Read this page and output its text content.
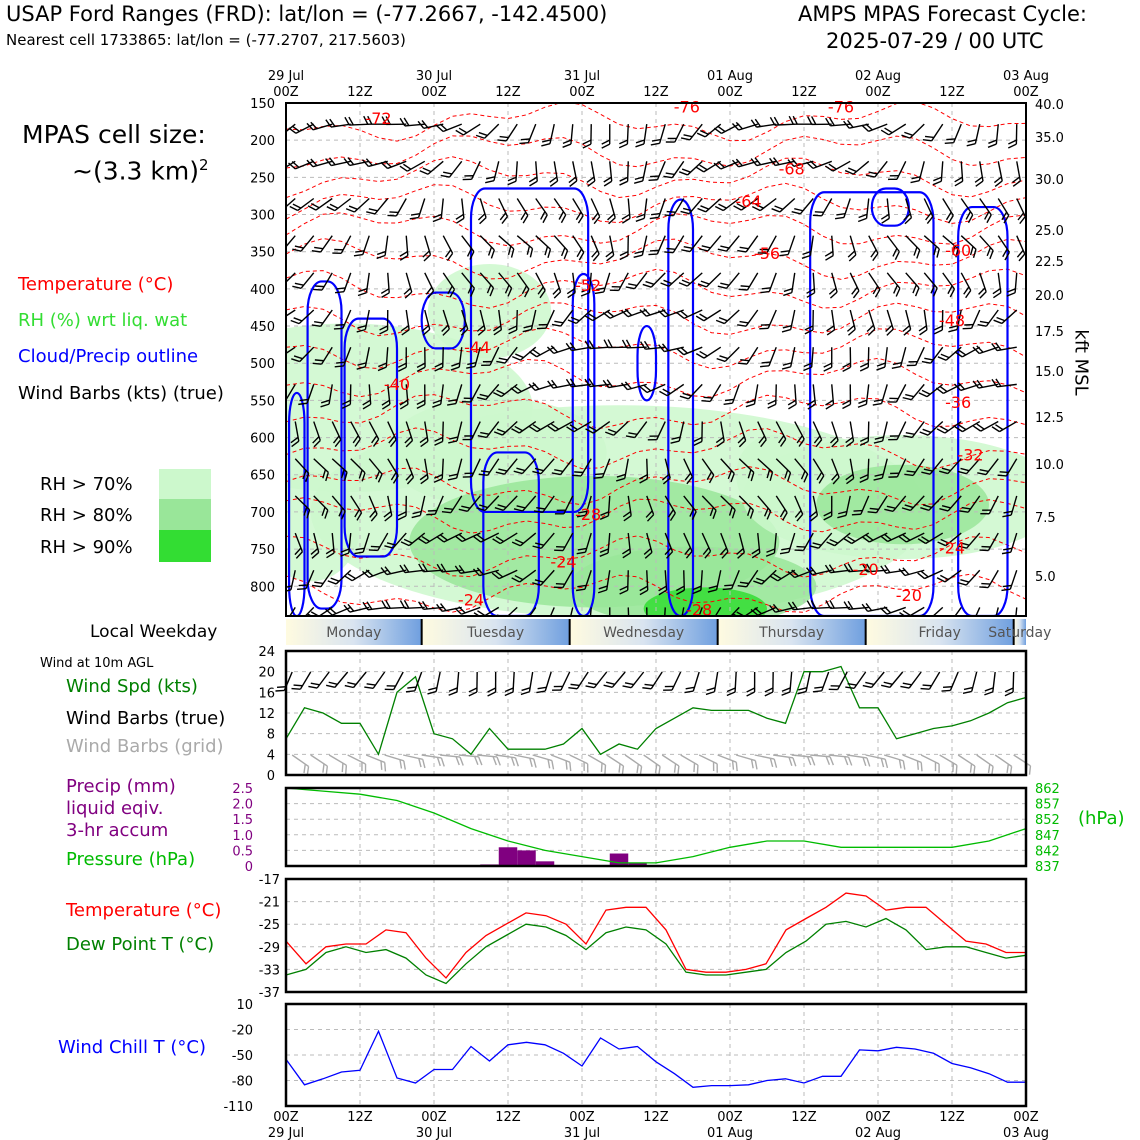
USAP Ford Ranges (FRD): lat/lon = (-77.2667, -142.4500)
Nearest cell 1733865: lat/lon = (-77.2707, 217.5603)
AMPS MPAS Forecast Cycle:
2025-07-29 / 00 UTC
MPAS cell size:
~(3.3 km)$^2$
Temperature (°C)
RH (%) wrt liq. wat
Cloud/Precip outline
Wind Barbs (kts) (true)
RH > 70%
RH > 80%
RH > 90%
Local Weekday
Wind at 10m AGL
Wind Spd (kts)
Wind Barbs (true)
Wind Barbs (grid)
Precip (mm)
liquid eqiv.
3-hr accum
Pressure (hPa)
(hPa)
Temperature (°C)
Dew Point T (°C)
Wind Chill T (°C)
kft MSL
-72
-76	-76
-68
-64
-56	-60
-52
-48
-44
-40
-36
-32
-28
-24
-24
-24
-20
-20
-28
150
200
250
300
350
400
450
500
550
600
650
700
750
800
40.0
35.0
30.0
25.0
22.5
20.0
17.5
15.0
12.5
10.0
7.5
5.0
29 Jul
00Z	12Z
30 Jul
00Z	12Z
31 Jul
00Z	12Z
01 Aug
00Z	12Z
02 Aug
00Z	12Z
03 Aug
00Z
Monday	Tuesday	Wednesday	Thursday	Friday Saturday
0
4
8
12
16
20
24
0
0.5
1.0
1.5
2.0
2.5	862
857
852
847
842
837
-17
-21
-25
-29
-33
-37
10
-20
-50
-80
-110
00Z
29 Jul
12Z	00Z
30 Jul
12Z	00Z
31 Jul
12Z	00Z
01 Aug
12Z	00Z
02 Aug
12Z	00Z
03 Aug
